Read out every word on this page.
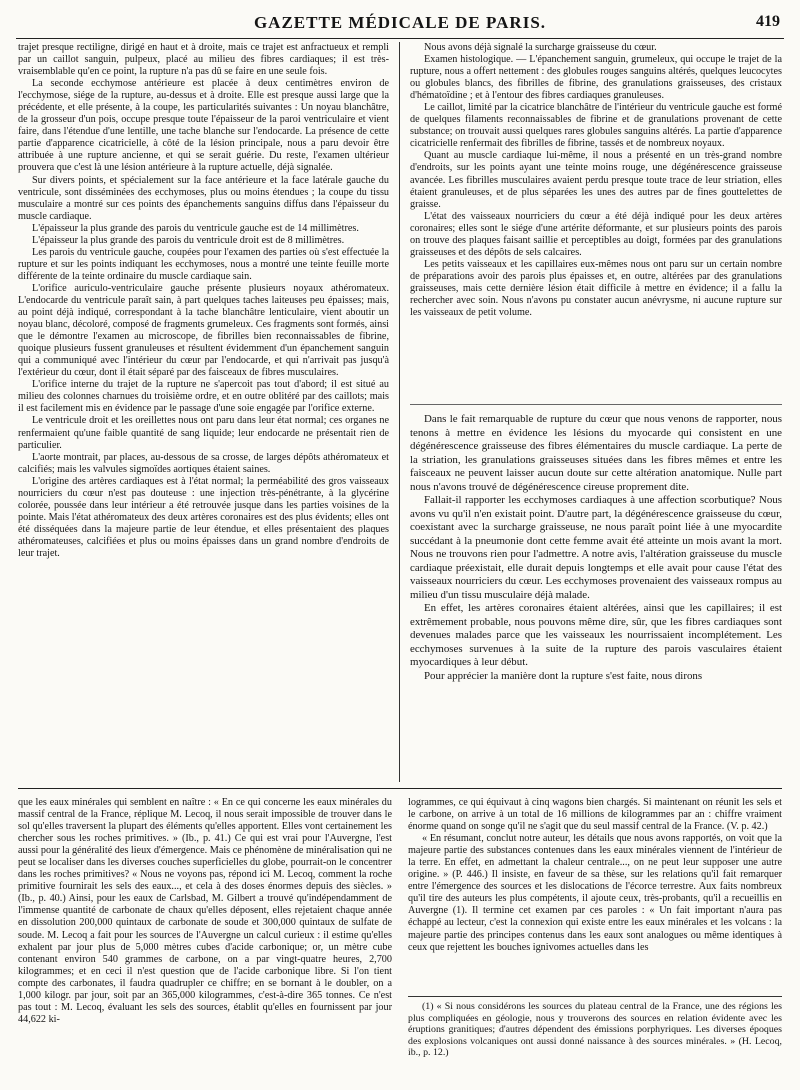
GAZETTE MÉDICALE DE PARIS.	419

trajet presque rectiligne, dirigé en haut et à droite, mais ce trajet est anfractueux et rempli par un caillot sanguin, pulpeux, placé au milieu des fibres cardiaques; il est très-vraisemblable qu'en ce point, la rupture n'a pas dû se faire en une seule fois.

La seconde ecchymose antérieure est placée à deux centimètres environ de l'ecchymose, siége de la rupture, au-dessus et à droite. Elle est presque aussi large que la précédente, et elle présente, à la coupe, les particularités suivantes : Un noyau blanchâtre, de la grosseur d'un pois, occupe presque toute l'épaisseur de la paroi ventriculaire et vient faire, dans l'étendue d'une lentille, une tache blanche sur l'endocarde. La présence de cette partie d'apparence cicatricielle, à côté de la lésion principale, nous a paru devoir être attribuée à une rupture ancienne, et qui se serait guérie. Du reste, l'examen ultérieur prouvera que c'est là une lésion antérieure à la rupture actuelle, déjà signalée.

Sur divers points, et spécialement sur la face antérieure et la face latérale gauche du ventricule, sont disséminées des ecchymoses, plus ou moins étendues ; la coupe du tissu musculaire a montré sur ces points des épanchements sanguins diffus dans l'épaisseur du muscle cardiaque.

L'épaisseur la plus grande des parois du ventricule gauche est de 14 millimètres.

L'épaisseur la plus grande des parois du ventricule droit est de 8 millimètres.

Les parois du ventricule gauche, coupées pour l'examen des parties où s'est effectuée la rupture et sur les points indiquant les ecchymoses, nous a montré une teinte feuille morte différente de la teinte ordinaire du muscle cardiaque sain.

L'orifice auriculo-ventriculaire gauche présente plusieurs noyaux athéromateux. L'endocarde du ventricule paraît sain, à part quelques taches laiteuses peu épaisses; mais, au point déjà indiqué, correspondant à la tache blanchâtre lenticulaire, vient aboutir un noyau blanc, décoloré, composé de fragments grumeleux. Ces fragments sont formés, ainsi que le démontre l'examen au microscope, de fibrilles bien reconnaissables de fibrine, quoique plusieurs fussent granuleuses et résultent évidemment d'un épanchement sanguin qui a communiqué avec l'intérieur du cœur par l'endocarde, et qui n'arrivait pas jusqu'à l'extérieur du cœur, dont il était séparé par des faisceaux de fibres musculaires.

L'orifice interne du trajet de la rupture ne s'apercoit pas tout d'abord; il est situé au milieu des colonnes charnues du troisième ordre, et en outre oblitéré par des caillots; mais il est facilement mis en évidence par le passage d'une soie engagée par l'orifice externe.

Le ventricule droit et les oreillettes nous ont paru dans leur état normal; ces organes ne renfermaient qu'une faible quantité de sang liquide; leur endocarde ne présentait rien de particulier.

L'aorte montrait, par places, au-dessous de sa crosse, de larges dépôts athéromateux et calcifiés; mais les valvules sigmoïdes aortiques étaient saines.

L'origine des artères cardiaques est à l'état normal; la perméabilité des gros vaisseaux nourriciers du cœur n'est pas douteuse : une injection très-pénétrante, à la glycérine colorée, poussée dans leur intérieur a été retrouvée jusque dans les parties voisines de la pointe. Mais l'état athéromateux des deux artères coronaires est des plus évidents; elles ont été disséquées dans la majeure partie de leur étendue, et elles présentaient des plaques athéromateuses, calcifiées et plus ou moins épaisses dans un grand nombre d'endroits de leur trajet.

Nous avons déjà signalé la surcharge graisseuse du cœur.

Examen histologique. — L'épanchement sanguin, grumeleux, qui occupe le trajet de la rupture, nous a offert nettement : des globules rouges sanguins altérés, quelques leucocytes ou globules blancs, des fibrilles de fibrine, des granulations graisseuses, des cristaux d'hématoïdine ; et à l'entour des fibres cardiaques granuleuses.

Le caillot, limité par la cicatrice blanchâtre de l'intérieur du ventricule gauche est formé de quelques filaments reconnaissables de fibrine et de granulations provenant de cette substance; on trouvait aussi quelques rares globules sanguins altérés. La partie d'apparence cicatricielle renfermait des fibrilles de fibrine, tassés et de nombreux noyaux.

Quant au muscle cardiaque lui-même, il nous a présenté en un très-grand nombre d'endroits, sur les points ayant une teinte moins rouge, une dégénérescence graisseuse avancée. Les fibrilles musculaires avaient perdu presque toute trace de leur striation, elles étaient granuleuses, et de plus séparées les unes des autres par de fines gouttelettes de graisse.

L'état des vaisseaux nourriciers du cœur a été déjà indiqué pour les deux artères coronaires; elles sont le siége d'une artérite déformante, et sur plusieurs points des parois on trouve des plaques faisant saillie et perceptibles au doigt, formées par des granulations graisseuses et des dépôts de sels calcaires.

Les petits vaisseaux et les capillaires eux-mêmes nous ont paru sur un certain nombre de préparations avoir des parois plus épaisses et, en outre, altérées par des granulations graisseuses, mais cette dernière lésion était difficile à mettre en évidence; il a fallu la rechercher avec soin. Nous n'avons pu constater aucun anévrysme, ni aucune rupture sur les vaisseaux de petit volume.

Dans le fait remarquable de rupture du cœur que nous venons de rapporter, nous tenons à mettre en évidence les lésions du myocarde qui consistent en une dégénérescence graisseuse des fibres élémentaires du muscle cardiaque. La perte de la striation, les granulations graisseuses situées dans les fibres mêmes et entre les faisceaux ne peuvent laisser aucun doute sur cette altération anatomique. Nulle part nous n'avons trouvé de dégénérescence cireuse proprement dite.

Fallait-il rapporter les ecchymoses cardiaques à une affection scorbutique? Nous avons vu qu'il n'en existait point. D'autre part, la dégénérescence graisseuse du cœur, coexistant avec la surcharge graisseuse, ne nous paraît point liée à une myocardite succédant à la pneumonie dont cette femme avait été atteinte un mois avant la mort. Nous ne trouvons rien pour l'admettre. A notre avis, l'altération graisseuse du muscle cardiaque préexistait, elle durait depuis longtemps et elle avait pour cause l'état des vaisseaux nourriciers du cœur. Les ecchymoses provenaient des vaisseaux rompus au milieu d'un tissu musculaire déjà malade.

En effet, les artères coronaires étaient altérées, ainsi que les capillaires; il est extrêmement probable, nous pouvons même dire, sûr, que les fibres cardiaques sont devenues malades parce que les vaisseaux les nourrissaient incomplétement. Les ecchymoses survenues à la suite de la rupture des parois vasculaires étaient myocardiques à leur début.

Pour apprécier la manière dont la rupture s'est faite, nous dirons

que les eaux minérales qui semblent en naître : « En ce qui concerne les eaux minérales du massif central de la France, réplique M. Lecoq, il nous serait impossible de trouver dans le sol qu'elles traversent la plupart des éléments qu'elles apportent. Elles vont certainement les chercher sous les roches primitives. » (Ib., p. 41.) Ce qui est vrai pour l'Auvergne, l'est aussi pour la généralité des lieux d'émergence. Mais ce phénomène de minéralisation qui ne peut se localiser dans les diverses couches superficielles du globe, pourrait-on le concentrer dans les roches primitives? « Nous ne voyons pas, répond ici M. Lecoq, comment la roche primitive fournirait les sels des eaux..., et cela à des doses énormes depuis des siècles. » (Ib., p. 40.) Ainsi, pour les eaux de Carlsbad, M. Gilbert a trouvé qu'indépendamment de l'immense quantité de carbonate de chaux qu'elles déposent, elles rejetaient chaque année en dissolution 200,000 quintaux de carbonate de soude et 300,000 quintaux de sulfate de soude. M. Lecoq a fait pour les sources de l'Auvergne un calcul curieux : il estime qu'elles exhalent par jour plus de 5,000 mètres cubes d'acide carbonique; or, un mètre cube contenant environ 540 grammes de carbone, on a par vingt-quatre heures, 2,700 kilogrammes; et en ceci il n'est question que de l'acide carbonique libre. Si l'on tient compte des carbonates, il faudra quadrupler ce chiffre; en se bornant à le doubler, on a 1,000 kilogr. par jour, soit par an 365,000 kilogrammes, c'est-à-dire 365 tonnes. Ce n'est pas tout : M. Lecoq, évaluant les sels des sources, établit qu'elles en fournissent par jour 44,622 ki-

logrammes, ce qui équivaut à cinq wagons bien chargés. Si maintenant on réunit les sels et le carbone, on arrive à un total de 16 millions de kilogrammes par an : chiffre vraiment énorme quand on songe qu'il ne s'agit que du seul massif central de la France. (V. p. 42.)

« En résumant, conclut notre auteur, les détails que nous avons rapportés, on voit que la majeure partie des substances contenues dans les eaux minérales viennent de l'intérieur de la terre. En effet, en admettant la chaleur centrale..., on ne peut leur supposer une autre origine. » (P. 446.) Il insiste, en faveur de sa thèse, sur les relations qu'il fait remarquer entre l'émergence des sources et les dislocations de l'écorce terrestre. Aux faits nombreux qu'il tire des auteurs les plus compétents, il ajoute ceux, très-probants, qu'il a recueillis en Auvergne (1). Il termine cet examen par ces paroles : « Un fait important n'aura pas échappé au lecteur, c'est la connexion qui existe entre les eaux minérales et les volcans : la majeure partie des principes contenus dans les eaux sont analogues ou même identiques à ceux que rejettent les bouches ignivomes actuelles dans les

(1) « Si nous considérons les sources du plateau central de la France, une des régions les plus compliquées en géologie, nous y trouverons des sources en relation évidente avec les éruptions granitiques; d'autres dépendent des émissions porphyriques. Les diverses époques des explosions volcaniques ont aussi donné naissance à des sources minérales. » (H. Lecoq, ib., p. 12.)
